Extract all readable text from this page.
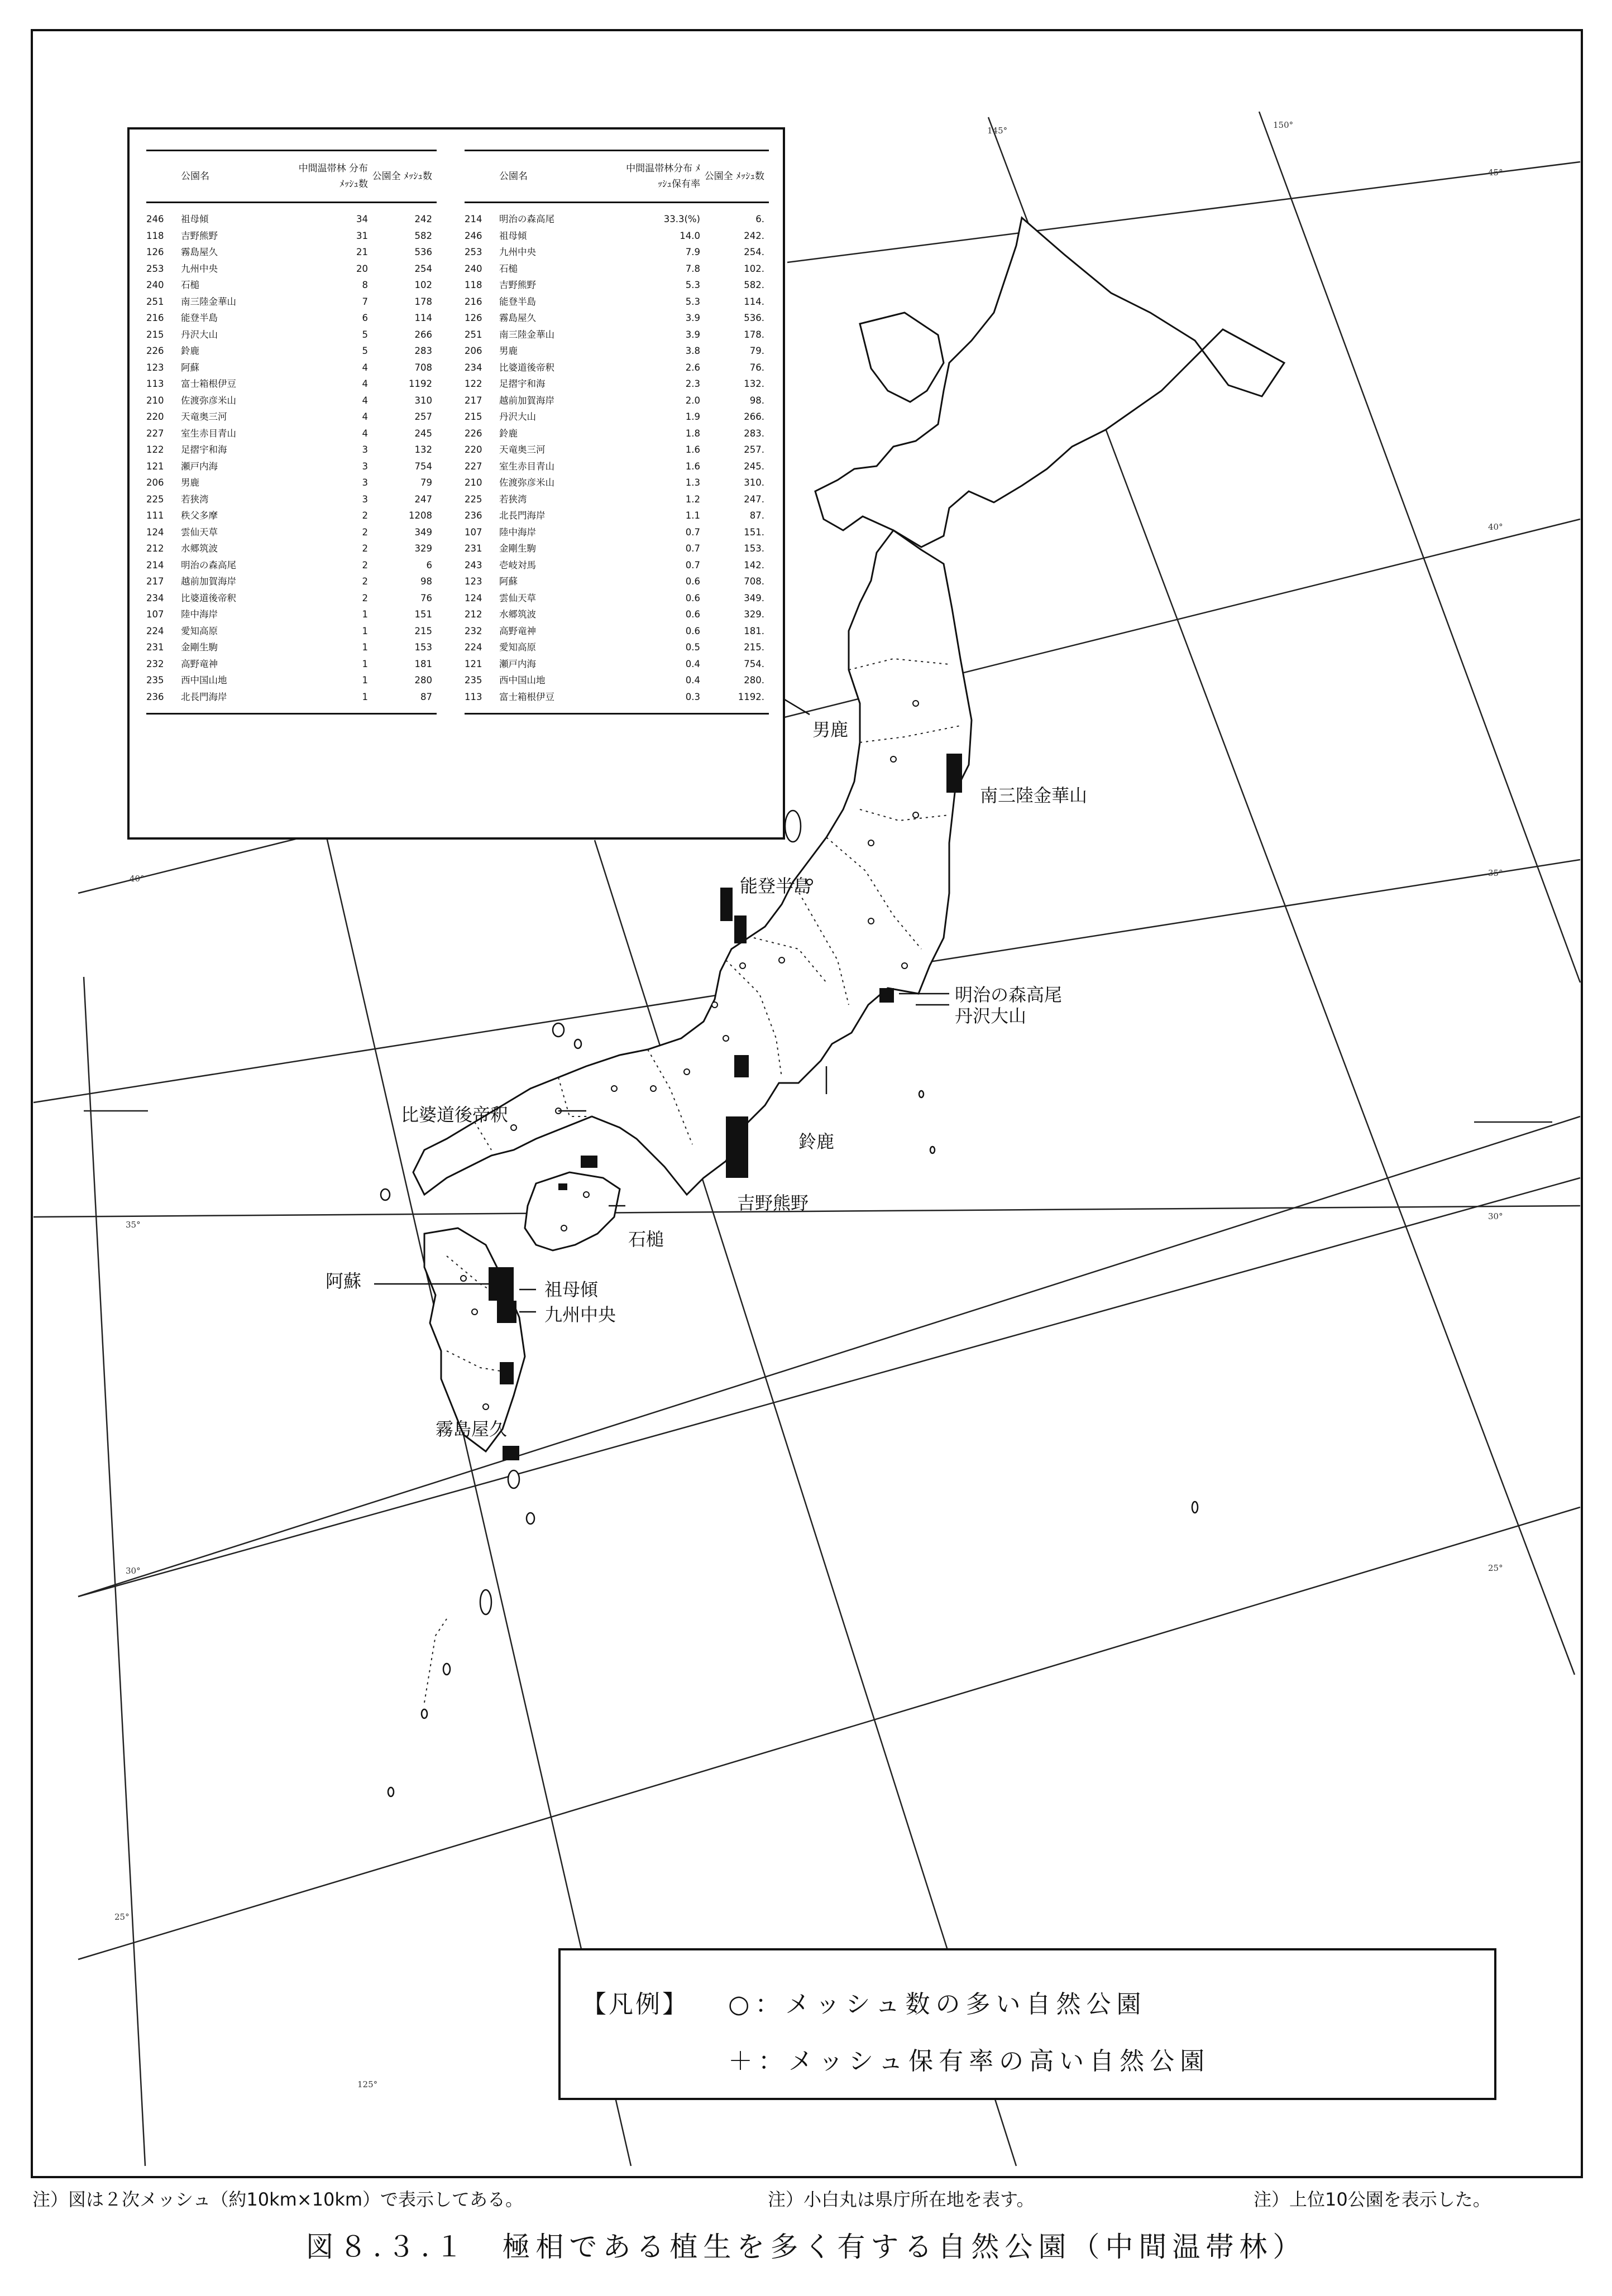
145°
150°
45°
40°
35°
30°
25°
40°
35°
30°
25°
125°
公園名
中間温帯林 分布ﾒｯｼｭ数
公園全 ﾒｯｼｭ数
246	祖母傾	34	242
118	吉野熊野	31	582
126	霧島屋久	21	536
253	九州中央	20	254
240	石槌	8	102
251	南三陸金華山	7	178
216	能登半島	6	114
215	丹沢大山	5	266
226	鈴鹿	5	283
123	阿蘇	4	708
113	富士箱根伊豆	4	1192
210	佐渡弥彦米山	4	310
220	天竜奥三河	4	257
227	室生赤目青山	4	245
122	足摺宇和海	3	132
121	瀬戸内海	3	754
206	男鹿	3	79
225	若狭湾	3	247
111	秩父多摩	2	1208
124	雲仙天草	2	349
212	水郷筑波	2	329
214	明治の森高尾	2	6
217	越前加賀海岸	2	98
234	比婆道後帝釈	2	76
107	陸中海岸	1	151
224	愛知高原	1	215
231	金剛生駒	1	153
232	高野竜神	1	181
235	西中国山地	1	280
236	北長門海岸	1	87
公園名
中間温帯林分布 ﾒｯｼｭ保有率
公園全 ﾒｯｼｭ数
214	明治の森高尾	33.3(%)	6.
246	祖母傾	14.0	242.
253	九州中央	7.9	254.
240	石槌	7.8	102.
118	吉野熊野	5.3	582.
216	能登半島	5.3	114.
126	霧島屋久	3.9	536.
251	南三陸金華山	3.9	178.
206	男鹿	3.8	79.
234	比婆道後帝釈	2.6	76.
122	足摺宇和海	2.3	132.
217	越前加賀海岸	2.0	98.
215	丹沢大山	1.9	266.
226	鈴鹿	1.8	283.
220	天竜奥三河	1.6	257.
227	室生赤目青山	1.6	245.
210	佐渡弥彦米山	1.3	310.
225	若狭湾	1.2	247.
236	北長門海岸	1.1	87.
107	陸中海岸	0.7	151.
231	金剛生駒	0.7	153.
243	壱岐対馬	0.7	142.
123	阿蘇	0.6	708.
124	雲仙天草	0.6	349.
212	水郷筑波	0.6	329.
232	高野竜神	0.6	181.
224	愛知高原	0.5	215.
121	瀬戸内海	0.4	754.
235	西中国山地	0.4	280.
113	富士箱根伊豆	0.3	1192.
男鹿
南三陸金華山
能登半島
明治の森高尾
丹沢大山
比婆道後帝釈
鈴鹿
吉野熊野
石槌
阿蘇	祖母傾
九州中央
霧島屋久
【凡例】 ○：メッシュ数の多い自然公園
＋：メッシュ保有率の高い自然公園
注）図は２次メッシュ（約10km×10km）で表示してある。	注）小白丸は県庁所在地を表す。	注）上位10公園を表示した。
図８.３.１　極相である植生を多く有する自然公園（中間温帯林）
